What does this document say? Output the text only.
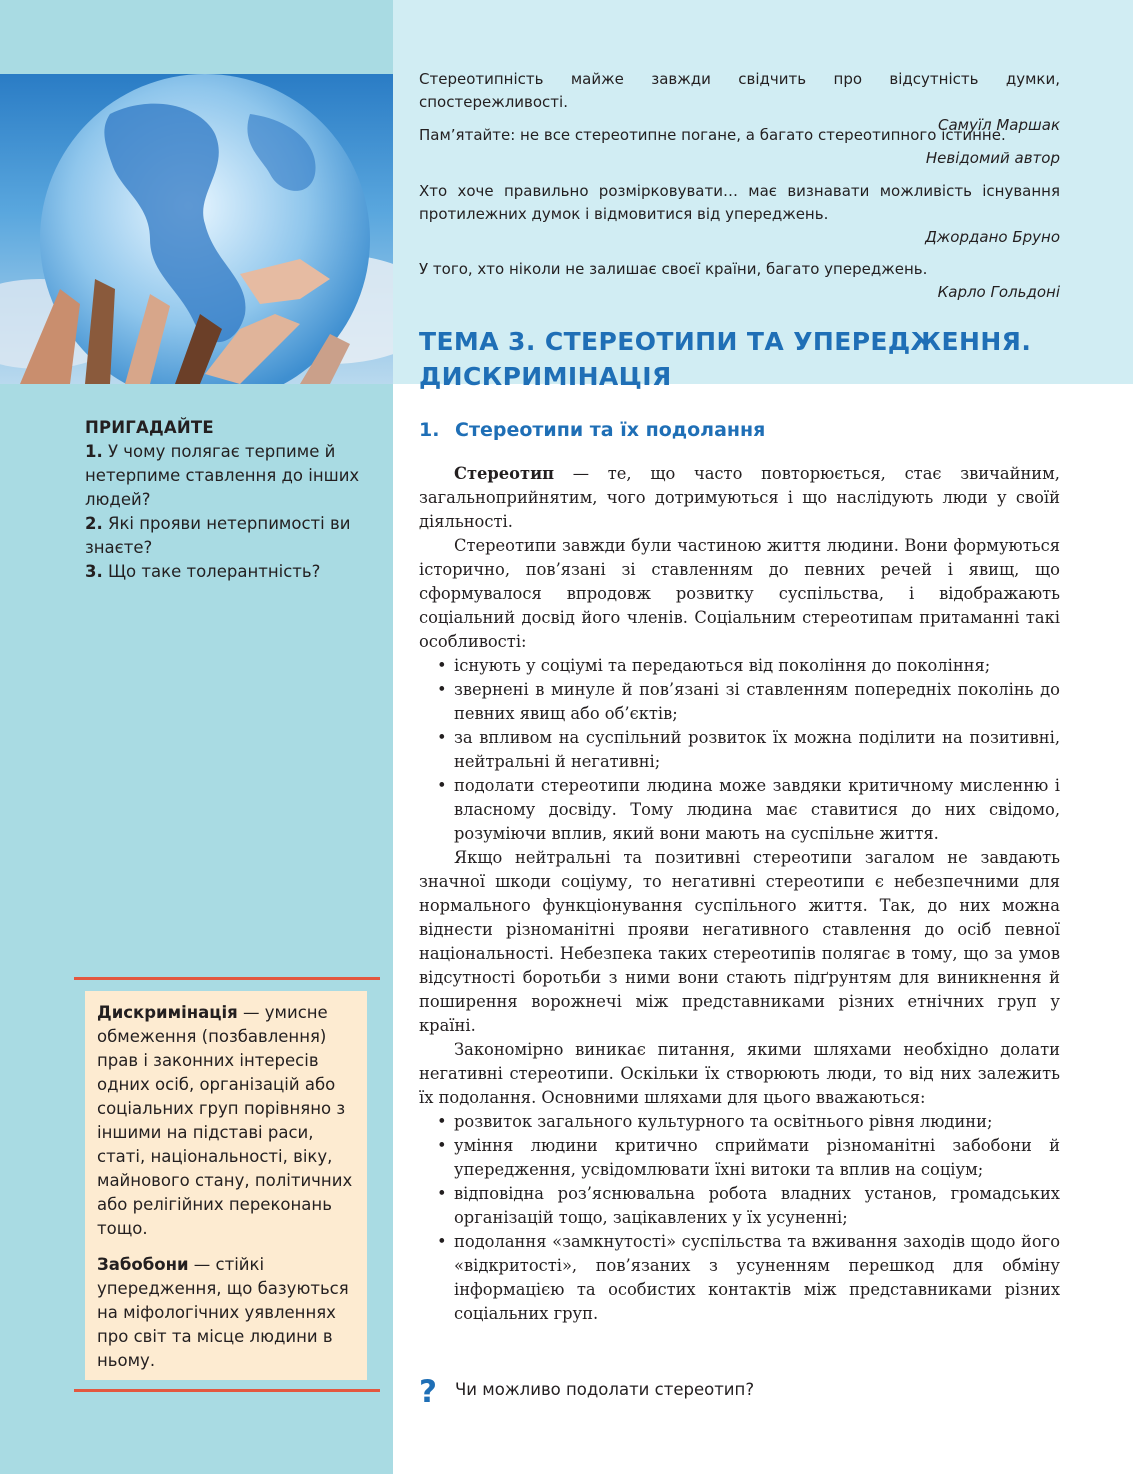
ПРИГАДАЙТЕ
1. У чому полягає терпиме й нетерпиме ставлення до інших людей?
2. Які прояви нетерпимості ви знаєте?
3. Що таке толерантність?

Дискримінація — умисне обмеження (позбавлення) прав і законних інтересів одних осіб, організацій або соціальних груп порівняно з іншими на підставі раси, статі, національності, віку, майнового стану, політичних або релігійних переконань тощо.

Забобони — стійкі упередження, що базуються на міфологічних уявленнях про світ та місце людини в ньому.

Стереотипність майже завжди свідчить про відсутність думки, спостережливості.
Самуїл Маршак
Пам’ятайте: не все стереотипне погане, а багато стереотипного істинне.
Невідомий автор
Хто хоче правильно розмірковувати… має визнавати можливість існування протилежних думок і відмовитися від упереджень.
Джордано Бруно
У того, хто ніколи не залишає своєї країни, багато упереджень.
Карло Гольдоні
ТЕМА 3. СТЕРЕОТИПИ ТА УПЕРЕДЖЕННЯ. ДИСКРИМІНАЦІЯ
1. Стереотипи та їх подолання

Стереотип — те, що часто повторюється, стає звичайним, загальноприйнятим, чого дотримуються і що наслідують люди у своїй діяльності.

Стереотипи завжди були частиною життя людини. Вони формуються історично, пов’язані зі ставленням до певних речей і явищ, що сформувалося впродовж розвитку суспільства, і відображають соціальний досвід його членів. Соціальним стереотипам притаманні такі особливості:

• існують у соціумі та передаються від покоління до покоління;
• звернені в минуле й пов’язані зі ставленням попередніх поколінь до певних явищ або об’єктів;
• за впливом на суспільний розвиток їх можна поділити на позитивні, нейтральні й негативні;
• подолати стереотипи людина може завдяки критичному мисленню і власному досвіду. Тому людина має ставитися до них свідомо, розуміючи вплив, який вони мають на суспільне життя.

Якщо нейтральні та позитивні стереотипи загалом не завдають значної шкоди соціуму, то негативні стереотипи є небезпечними для нормального функціонування суспільного життя. Так, до них можна віднести різноманітні прояви негативного ставлення до осіб певної національності. Небезпека таких стереотипів полягає в тому, що за умов відсутності боротьби з ними вони стають підґрунтям для виникнення й поширення ворожнечі між представниками різних етнічних груп у країні.

Закономірно виникає питання, якими шляхами необхідно долати негативні стереотипи. Оскільки їх створюють люди, то від них залежить їх подолання. Основними шляхами для цього вважаються:

• розвиток загального культурного та освітнього рівня людини;
• уміння людини критично сприймати різноманітні забобони й упередження, усвідомлювати їхні витоки та вплив на соціум;
• відповідна роз’яснювальна робота владних установ, громадських організацій тощо, зацікавлених у їх усуненні;
• подолання «замкнутості» суспільства та вживання заходів щодо його «відкритості», пов’язаних з усуненням перешкод для обміну інформацією та особистих контактів між представниками різних соціальних груп.
? Чи можливо подолати стереотип?
